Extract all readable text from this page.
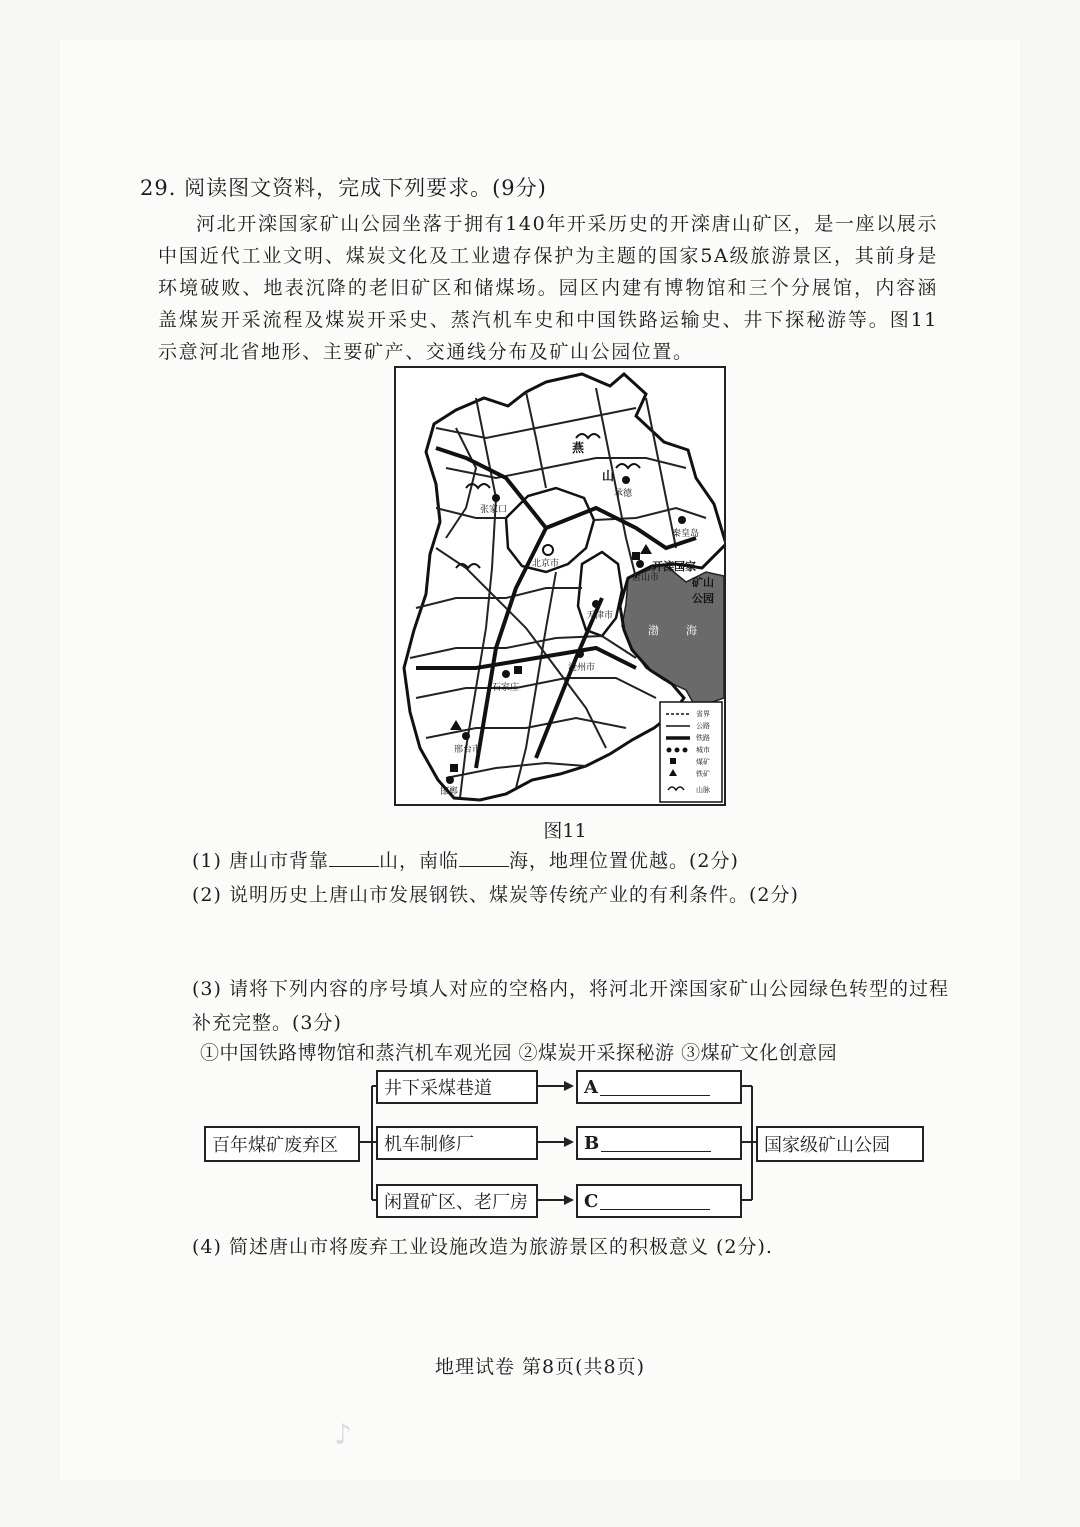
29. 阅读图文资料，完成下列要求。(9分)
河北开滦国家矿山公园坐落于拥有140年开采历史的开滦唐山矿区，是一座以展示中国近代工业文明、煤炭文化及工业遗存保护为主题的国家5A级旅游景区，其前身是环境破败、地表沉降的老旧矿区和储煤场。园区内建有博物馆和三个分展馆，内容涵盖煤炭开采流程及煤炭开采史、蒸汽机车史和中国铁路运输史、井下探秘游等。图11示意河北省地形、主要矿产、交通线分布及矿山公园位置。
北京市
天津市
唐山市
秦皇岛
张家口
石家庄
邢台市
邯郸
沧州市
承德
燕
山
开滦国家
矿山
公园
渤 海
省界
公路
铁路
城市
煤矿
铁矿
山脉
图11
(1) 唐山市背靠	山，南临	海，地理位置优越。(2分)
(2) 说明历史上唐山市发展钢铁、煤炭等传统产业的有利条件。(2分)
(3) 请将下列内容的序号填人对应的空格内，将河北开滦国家矿山公园绿色转型的过程补充完整。(3分)
①中国铁路博物馆和蒸汽机车观光园 ②煤炭开采探秘游 ③煤矿文化创意园
百年煤矿废弃区
井下采煤巷道
机车制修厂
闲置矿区、老厂房
A
B
C
国家级矿山公园
(4) 简述唐山市将废弃工业设施改造为旅游景区的积极意义 (2分).
地理试卷 第8页(共8页)
♪
